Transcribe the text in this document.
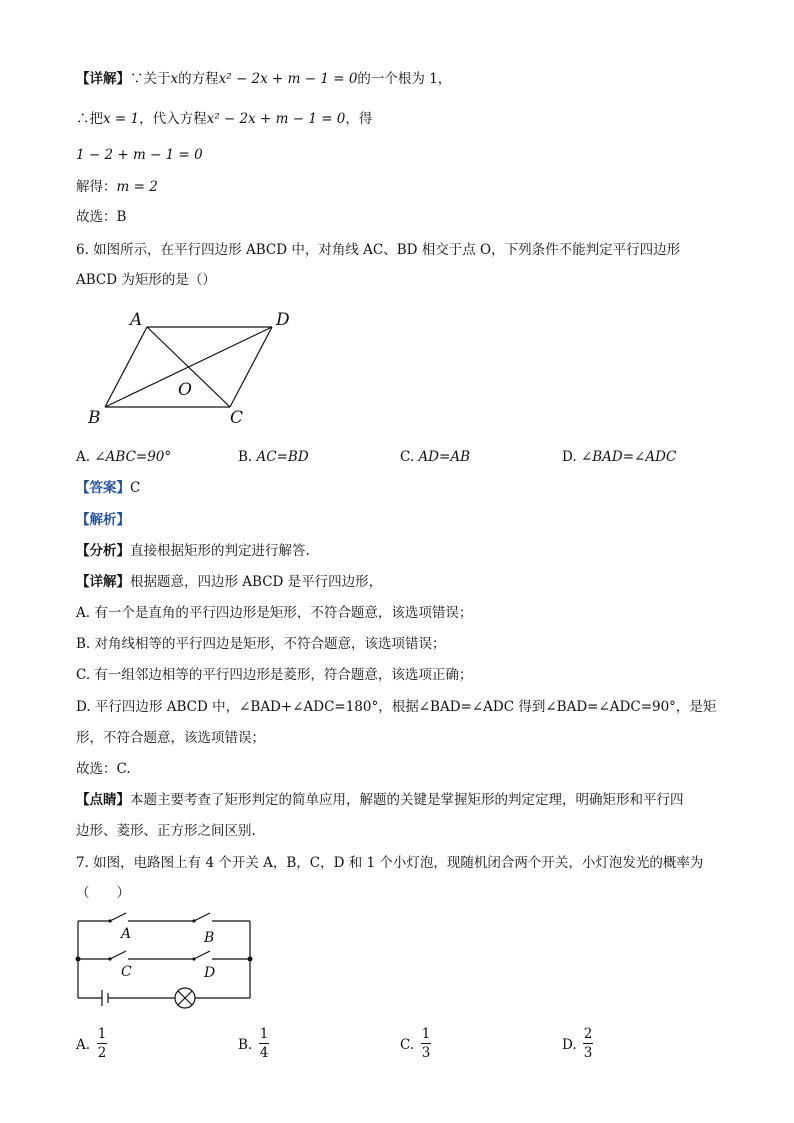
【详解】∵关于x的方程x² − 2x + m − 1 = 0的一个根为 1，
∴把x = 1，代入方程x² − 2x + m − 1 = 0，得
1 − 2 + m − 1 = 0
解得：m = 2
故选：B
6. 如图所示，在平行四边形 ABCD 中，对角线 AC、BD 相交于点 O，下列条件不能判定平行四边形
ABCD 为矩形的是（）
A	D
B	C
O
A. ∠ABC=90°	B. AC=BD	C. AD=AB	D. ∠BAD=∠ADC
【答案】C
【解析】
【分析】直接根据矩形的判定进行解答.
【详解】根据题意，四边形 ABCD 是平行四边形，
A. 有一个是直角的平行四边形是矩形，不符合题意，该选项错误；
B. 对角线相等的平行四边是矩形，不符合题意，该选项错误；
C. 有一组邻边相等的平行四边形是菱形，符合题意，该选项正确；
D. 平行四边形 ABCD 中，∠BAD+∠ADC=180°，根据∠BAD=∠ADC 得到∠BAD=∠ADC=90°，是矩
形，不符合题意，该选项错误；
故选：C.
【点睛】本题主要考查了矩形判定的简单应用，解题的关键是掌握矩形的判定定理，明确矩形和平行四
边形、菱形、正方形之间区别.
7. 如图，电路图上有 4 个开关 A，B，C，D 和 1 个小灯泡，现随机闭合两个开关，小灯泡发光的概率为
（　　）
A	B
C	D
A.
1
2	B.
1
4	C.
1
3	D.
2
3
